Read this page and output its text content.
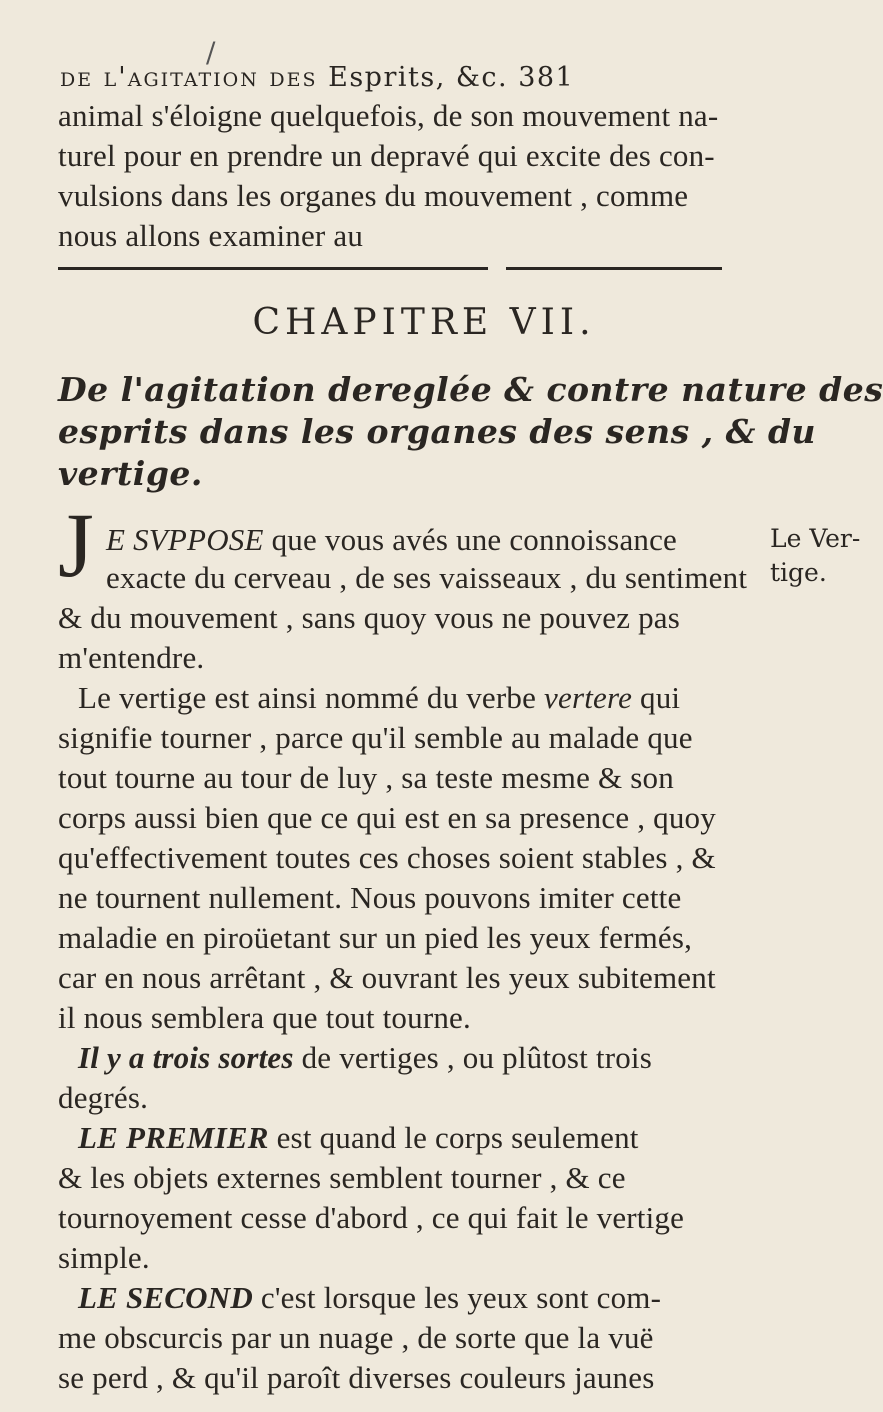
/
de l'agitation des Esprits, &c. 381
animal s'éloigne quelquefois, de son mouvement na-
turel pour en prendre un depravé qui excite des con-
vulsions dans les organes du mouvement , comme
nous allons examiner au
CHAPITRE VII.
De l'agitation dereglée & contre nature des
esprits dans les organes des sens , & du
vertige.
J E SVPPOSE que vous avés une connoissance
exacte du cerveau , de ses vaisseaux , du sentiment
& du mouvement , sans quoy vous ne pouvez pas
m'entendre.
Le vertige est ainsi nommé du verbe vertere qui
signifie tourner , parce qu'il semble au malade que
tout tourne au tour de luy , sa teste mesme & son
corps aussi bien que ce qui est en sa presence , quoy
qu'effectivement toutes ces choses soient stables , &
ne tournent nullement. Nous pouvons imiter cette
maladie en piroüetant sur un pied les yeux fermés,
car en nous arrêtant , & ouvrant les yeux subitement
il nous semblera que tout tourne.
Il y a trois sortes de vertiges , ou plûtost trois
degrés.
LE PREMIER est quand le corps seulement
& les objets externes semblent tourner , & ce
tournoyement cesse d'abord , ce qui fait le vertige
simple.
LE SECOND c'est lorsque les yeux sont com-
me obscurcis par un nuage , de sorte que la vuë
se perd , & qu'il paroît diverses couleurs jaunes
Le Ver-
tige.
